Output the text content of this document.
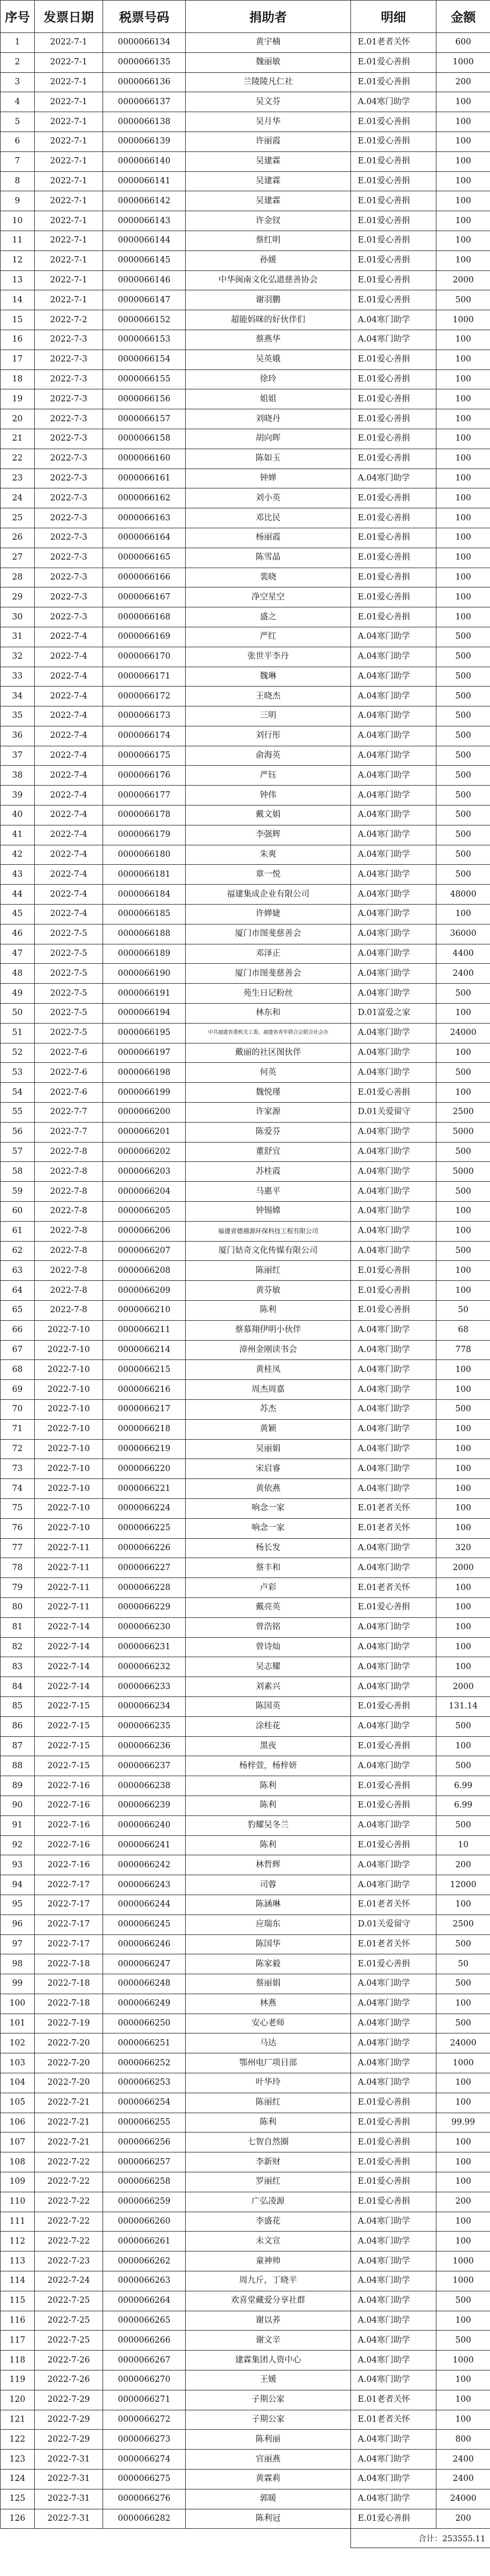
序号	发票日期	税票号码	捐助者	明细	金额
1	2022-7-1	0000066134	黄宇楠	E.01老者关怀	600
2	2022-7-1	0000066135	魏丽敏	E.01爱心善捐	1000
3	2022-7-1	0000066136	兰陵陵凡仁社	E.01爱心善捐	200
4	2022-7-1	0000066137	吴文芬	A.04寒门助学	100
5	2022-7-1	0000066138	吴月华	E.01爱心善捐	100
6	2022-7-1	0000066139	许丽霞	E.01爱心善捐	100
7	2022-7-1	0000066140	吴建霖	E.01爱心善捐	100
8	2022-7-1	0000066141	吴建霖	E.01爱心善捐	100
9	2022-7-1	0000066142	吴建霖	E.01爱心善捐	100
10	2022-7-1	0000066143	许金钗	E.01爱心善捐	100
11	2022-7-1	0000066144	蔡红明	E.01爱心善捐	100
12	2022-7-1	0000066145	孙媛	E.01爱心善捐	100
13	2022-7-1	0000066146	中华闽南文化弘道慈善协会	E.01爱心善捐	2000
14	2022-7-1	0000066147	谢羽鹏	E.01爱心善捐	500
15	2022-7-2	0000066152	超能妈咪的好伙伴们	A.04寒门助学	1000
16	2022-7-3	0000066153	蔡燕华	A.04寒门助学	100
17	2022-7-3	0000066154	吴英娥	E.01爱心善捐	100
18	2022-7-3	0000066155	徐玲	E.01爱心善捐	100
19	2022-7-3	0000066156	姐姐	E.01爱心善捐	100
20	2022-7-3	0000066157	刘晓丹	E.01爱心善捐	100
21	2022-7-3	0000066158	胡向晖	E.01爱心善捐	100
22	2022-7-3	0000066160	陈如玉	E.01爱心善捐	100
23	2022-7-3	0000066161	钟婵	A.04寒门助学	100
24	2022-7-3	0000066162	刘小英	E.01爱心善捐	100
25	2022-7-3	0000066163	邓比民	E.01爱心善捐	100
26	2022-7-3	0000066164	杨丽霞	E.01爱心善捐	100
27	2022-7-3	0000066165	陈雪晶	E.01爱心善捐	100
28	2022-7-3	0000066166	裴晓	E.01爱心善捐	100
29	2022-7-3	0000066167	净空星空	E.01爱心善捐	100
30	2022-7-3	0000066168	盛之	E.01爱心善捐	100
31	2022-7-4	0000066169	严红	A.04寒门助学	500
32	2022-7-4	0000066170	张世平李丹	A.04寒门助学	500
33	2022-7-4	0000066171	魏琳	A.04寒门助学	500
34	2022-7-4	0000066172	王晓杰	A.04寒门助学	500
35	2022-7-4	0000066173	三明	A.04寒门助学	500
36	2022-7-4	0000066174	刘行彤	A.04寒门助学	500
37	2022-7-4	0000066175	俞海英	A.04寒门助学	500
38	2022-7-4	0000066176	严钰	A.04寒门助学	500
39	2022-7-4	0000066177	钟伟	A.04寒门助学	500
40	2022-7-4	0000066178	戴文娟	A.04寒门助学	500
41	2022-7-4	0000066179	李强辉	A.04寒门助学	500
42	2022-7-4	0000066180	朱爽	A.04寒门助学	500
43	2022-7-4	0000066181	章一悦	A.04寒门助学	500
44	2022-7-4	0000066184	福建集成企业有限公司	A.04寒门助学	48000
45	2022-7-4	0000066185	许婵婕	A.04寒门助学	100
46	2022-7-5	0000066188	厦门市图斐慈善会	A.04寒门助学	36000
47	2022-7-5	0000066189	邓泽正	A.04寒门助学	4400
48	2022-7-5	0000066190	厦门市图斐慈善会	A.04寒门助学	2400
49	2022-7-5	0000066191	苑生日记粉丝	A.04寒门助学	500
50	2022-7-5	0000066194	林东和	D.01富爱之家	100
51	2022-7-5	0000066195	中共福建省委机关工委，福建省青年联合会联合社会办	A.04寒门助学	24000
52	2022-7-6	0000066197	戴丽的社区图伙伴	A.04寒门助学	100
53	2022-7-6	0000066198	何英	A.04寒门助学	500
54	2022-7-6	0000066199	魏悦瑾	E.01爱心善捐	100
55	2022-7-7	0000066200	许家源	D.01关爱留守	2500
56	2022-7-7	0000066201	陈爱芬	A.04寒门助学	5000
57	2022-7-8	0000066202	董舒宜	A.04寒门助学	500
58	2022-7-8	0000066203	苏桂霞	A.04寒门助学	5000
59	2022-7-8	0000066204	马惠平	A.04寒门助学	500
60	2022-7-8	0000066205	钟锡嫦	A.04寒门助学	100
61	2022-7-8	0000066206	福建省德禧源环保科技工程有限公司	A.04寒门助学	100
62	2022-7-8	0000066207	厦门姑奇文化传媒有限公司	A.04寒门助学	500
63	2022-7-8	0000066208	陈丽红	E.01爱心善捐	100
64	2022-7-8	0000066209	黄芬敏	E.01爱心善捐	100
65	2022-7-8	0000066210	陈利	E.01爱心善捐	50
66	2022-7-10	0000066211	蔡慕翔伊明小伙伴	A.04寒门助学	68
67	2022-7-10	0000066214	漳州金刚读书会	A.04寒门助学	778
68	2022-7-10	0000066215	黄桂凤	A.04寒门助学	100
69	2022-7-10	0000066216	周杰周嘉	A.04寒门助学	100
70	2022-7-10	0000066217	苏杰	A.04寒门助学	500
71	2022-7-10	0000066218	黄颖	A.04寒门助学	100
72	2022-7-10	0000066219	吴丽娟	A.04寒门助学	100
73	2022-7-10	0000066220	宋启睿	A.04寒门助学	100
74	2022-7-10	0000066221	黄依燕	A.04寒门助学	100
75	2022-7-10	0000066224	响念一家	E.01老者关怀	100
76	2022-7-10	0000066225	响念一家	E.01老者关怀	100
77	2022-7-11	0000066226	杨长发	A.04寒门助学	320
78	2022-7-11	0000066227	蔡丰和	A.04寒门助学	2000
79	2022-7-11	0000066228	卢彩	E.01老者关怀	100
80	2022-7-11	0000066229	戴亮英	E.01爱心善捐	100
81	2022-7-14	0000066230	曾浩铭	A.04寒门助学	100
82	2022-7-14	0000066231	曾诗灿	A.04寒门助学	100
83	2022-7-14	0000066232	吴志耀	A.04寒门助学	100
84	2022-7-14	0000066233	刘素兴	A.04寒门助学	2000
85	2022-7-15	0000066234	陈国英	E.01爱心善捐	131.14
86	2022-7-15	0000066235	涂桂花	A.04寒门助学	500
87	2022-7-15	0000066236	黑夜	E.01爱心善捐	100
88	2022-7-15	0000066237	杨梓萱，杨梓妍	A.04寒门助学	500
89	2022-7-16	0000066238	陈利	E.01爱心善捐	6.99
90	2022-7-16	0000066239	陈利	E.01爱心善捐	6.99
91	2022-7-16	0000066240	豹耀吴冬兰	A.04寒门助学	500
92	2022-7-16	0000066241	陈利	E.01爱心善捐	10
93	2022-7-16	0000066242	林哲辉	A.04寒门助学	200
94	2022-7-17	0000066243	司蓉	A.04寒门助学	12000
95	2022-7-17	0000066244	陈涵琳	E.01老者关怀	100
96	2022-7-17	0000066245	应瑞东	D.01关爱留守	2500
97	2022-7-17	0000066246	陈国华	E.01老者关怀	500
98	2022-7-18	0000066247	陈家毅	E.01爱心善捐	50
99	2022-7-18	0000066248	蔡丽娟	A.04寒门助学	500
100	2022-7-18	0000066249	林燕	A.04寒门助学	100
101	2022-7-19	0000066250	安心老师	A.04寒门助学	500
102	2022-7-20	0000066251	马达	A.04寒门助学	24000
103	2022-7-20	0000066252	鄂州电厂项目部	A.04寒门助学	1000
104	2022-7-20	0000066253	叶华玲	A.04寒门助学	100
105	2022-7-21	0000066254	陈丽红	E.01爱心善捐	100
106	2022-7-21	0000066255	陈利	E.01爱心善捐	99.99
107	2022-7-21	0000066256	七智自然圈	E.01爱心善捐	100
108	2022-7-22	0000066257	李新财	E.01爱心善捐	100
109	2022-7-22	0000066258	罗丽红	E.01爱心善捐	100
110	2022-7-22	0000066259	广弘凌源	E.01爱心善捐	200
111	2022-7-22	0000066260	李盛花	A.04寒门助学	100
112	2022-7-22	0000066261	未文宣	A.04寒门助学	100
113	2022-7-23	0000066262	童神帅	A.04寒门助学	1000
114	2022-7-24	0000066263	周九斤，丁晓平	A.04寒门助学	1000
115	2022-7-25	0000066264	欢喜堂藏爱分享社群	A.04寒门助学	500
116	2022-7-25	0000066265	谢以荞	A.04寒门助学	100
117	2022-7-25	0000066266	谢文辛	A.04寒门助学	500
118	2022-7-26	0000066267	建霖集团人资中心	A.04寒门助学	1000
119	2022-7-26	0000066270	王媛	A.04寒门助学	100
120	2022-7-29	0000066271	子期公家	E.01老者关怀	100
121	2022-7-29	0000066272	子期公家	E.01老者关怀	100
122	2022-7-29	0000066273	陈利丽	A.04寒门助学	800
123	2022-7-31	0000066274	官丽燕	A.04寒门助学	2400
124	2022-7-31	0000066275	黄霖莉	A.04寒门助学	2400
125	2022-7-31	0000066276	郭暖	A.04寒门助学	24000
126	2022-7-31	0000066282	陈利冠	E.01爱心善捐	200
				合计：253555.11	
